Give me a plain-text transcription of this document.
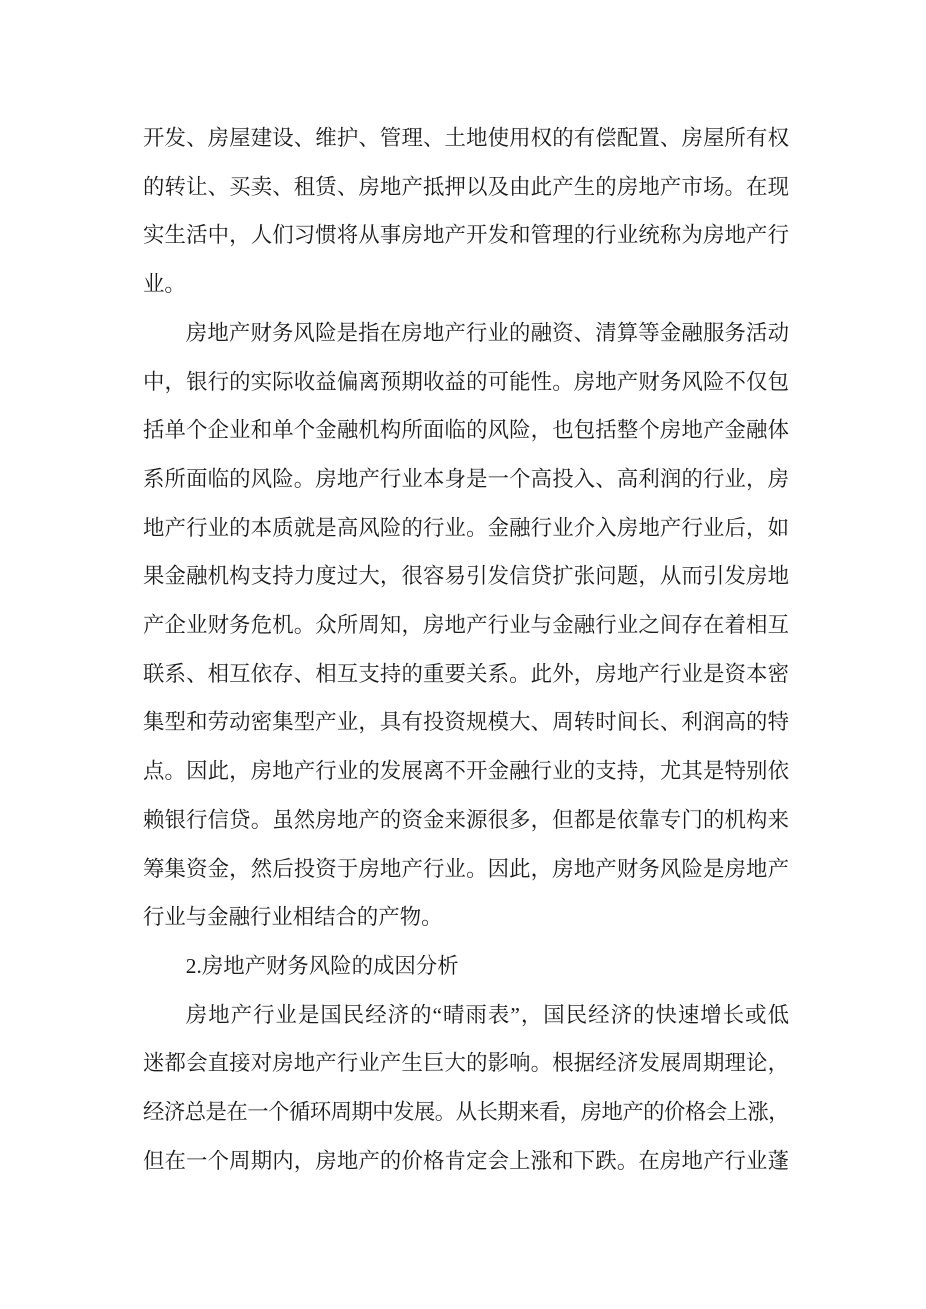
开发、房屋建设、维护、管理、土地使用权的有偿配置、房屋所有权
的转让、买卖、租赁、房地产抵押以及由此产生的房地产市场。在现
实生活中，人们习惯将从事房地产开发和管理的行业统称为房地产行
业。
房地产财务风险是指在房地产行业的融资、清算等金融服务活动
中，银行的实际收益偏离预期收益的可能性。房地产财务风险不仅包
括单个企业和单个金融机构所面临的风险，也包括整个房地产金融体
系所面临的风险。房地产行业本身是一个高投入、高利润的行业，房
地产行业的本质就是高风险的行业。金融行业介入房地产行业后，如
果金融机构支持力度过大，很容易引发信贷扩张问题，从而引发房地
产企业财务危机。众所周知，房地产行业与金融行业之间存在着相互
联系、相互依存、相互支持的重要关系。此外，房地产行业是资本密
集型和劳动密集型产业，具有投资规模大、周转时间长、利润高的特
点。因此，房地产行业的发展离不开金融行业的支持，尤其是特别依
赖银行信贷。虽然房地产的资金来源很多，但都是依靠专门的机构来
筹集资金，然后投资于房地产行业。因此，房地产财务风险是房地产
行业与金融行业相结合的产物。
2.房地产财务风险的成因分析
房地产行业是国民经济的“晴雨表”，国民经济的快速增长或低
迷都会直接对房地产行业产生巨大的影响。根据经济发展周期理论，
经济总是在一个循环周期中发展。从长期来看，房地产的价格会上涨，
但在一个周期内，房地产的价格肯定会上涨和下跌。在房地产行业蓬
